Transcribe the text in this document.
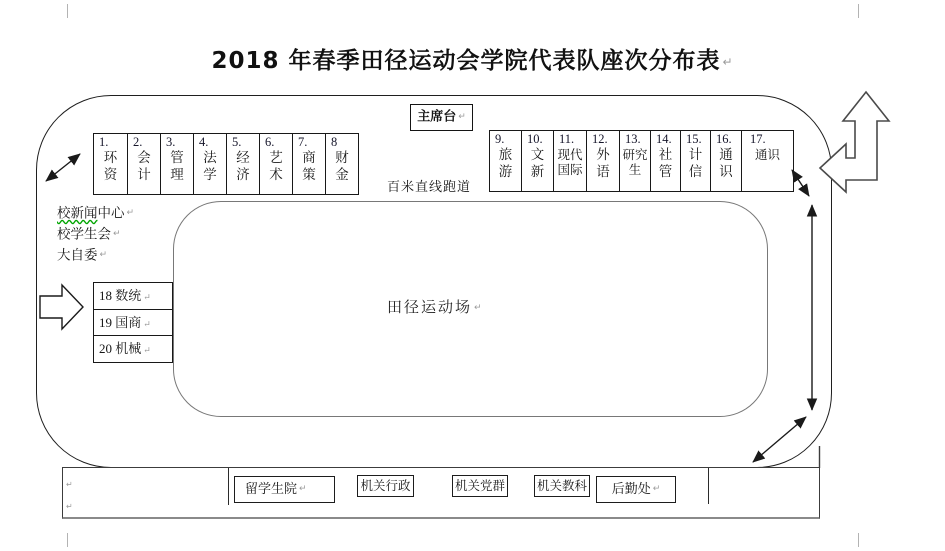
2018 年春季田径运动会学院代表队座次分布表 ↵
田径运动场 ↵
主席台 ↵
1.
环资
2.
会计
3.
管理
4.
法学
5.
经济
6.
艺术
7.
商策
8
财金
百米直线跑道
9.
旅游
10.
文新
11.
现代国际
12.
外语
13.
研究生
14.
社管
15.
计信
16.
通识
17.
通识
校新闻中心 ↵
校学生会 ↵
大自委 ↵
18 数统 ↵
19 国商 ↵
20 机械 ↵
↵
↵
留学生院 ↵	机关行政	机关党群	机关教科	后勤处 ↵
